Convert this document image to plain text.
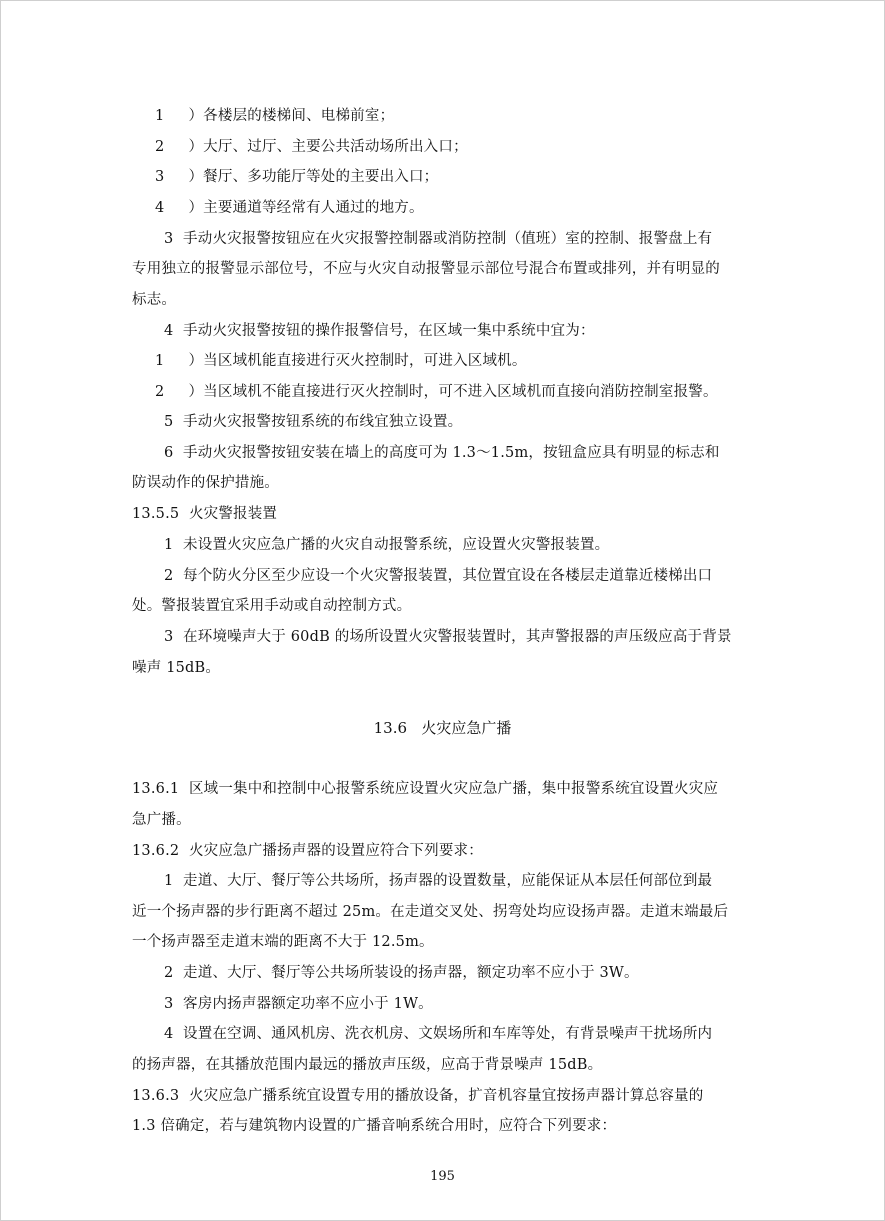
1     ）各楼层的楼梯间、电梯前室；
2     ）大厅、过厅、主要公共活动场所出入口；
3     ）餐厅、多功能厅等处的主要出入口；
4     ）主要通道等经常有人通过的地方。
3  手动火灾报警按钮应在火灾报警控制器或消防控制（值班）室的控制、报警盘上有
专用独立的报警显示部位号，不应与火灾自动报警显示部位号混合布置或排列，并有明显的
标志。
4  手动火灾报警按钮的操作报警信号，在区域一集中系统中宜为：
1     ）当区域机能直接进行灭火控制时，可进入区域机。
2     ）当区域机不能直接进行灭火控制时，可不进入区域机而直接向消防控制室报警。
5  手动火灾报警按钮系统的布线宜独立设置。
6  手动火灾报警按钮安装在墙上的高度可为 1.3～1.5m，按钮盒应具有明显的标志和
防误动作的保护措施。
13.5.5  火灾警报装置
1  未设置火灾应急广播的火灾自动报警系统，应设置火灾警报装置。
2  每个防火分区至少应设一个火灾警报装置，其位置宜设在各楼层走道靠近楼梯出口
处。警报装置宜采用手动或自动控制方式。
3  在环境噪声大于 60dB 的场所设置火灾警报装置时，其声警报器的声压级应高于背景
噪声 15dB。
13.6   火灾应急广播
13.6.1  区域一集中和控制中心报警系统应设置火灾应急广播，集中报警系统宜设置火灾应
急广播。
13.6.2  火灾应急广播扬声器的设置应符合下列要求：
1  走道、大厅、餐厅等公共场所，扬声器的设置数量，应能保证从本层任何部位到最
近一个扬声器的步行距离不超过 25m。在走道交叉处、拐弯处均应设扬声器。走道末端最后
一个扬声器至走道末端的距离不大于 12.5m。
2  走道、大厅、餐厅等公共场所装设的扬声器，额定功率不应小于 3W。
3  客房内扬声器额定功率不应小于 1W。
4  设置在空调、通风机房、洗衣机房、文娱场所和车库等处，有背景噪声干扰场所内
的扬声器，在其播放范围内最远的播放声压级，应高于背景噪声 15dB。
13.6.3  火灾应急广播系统宜设置专用的播放设备，扩音机容量宜按扬声器计算总容量的
1.3 倍确定，若与建筑物内设置的广播音响系统合用时，应符合下列要求：
195
